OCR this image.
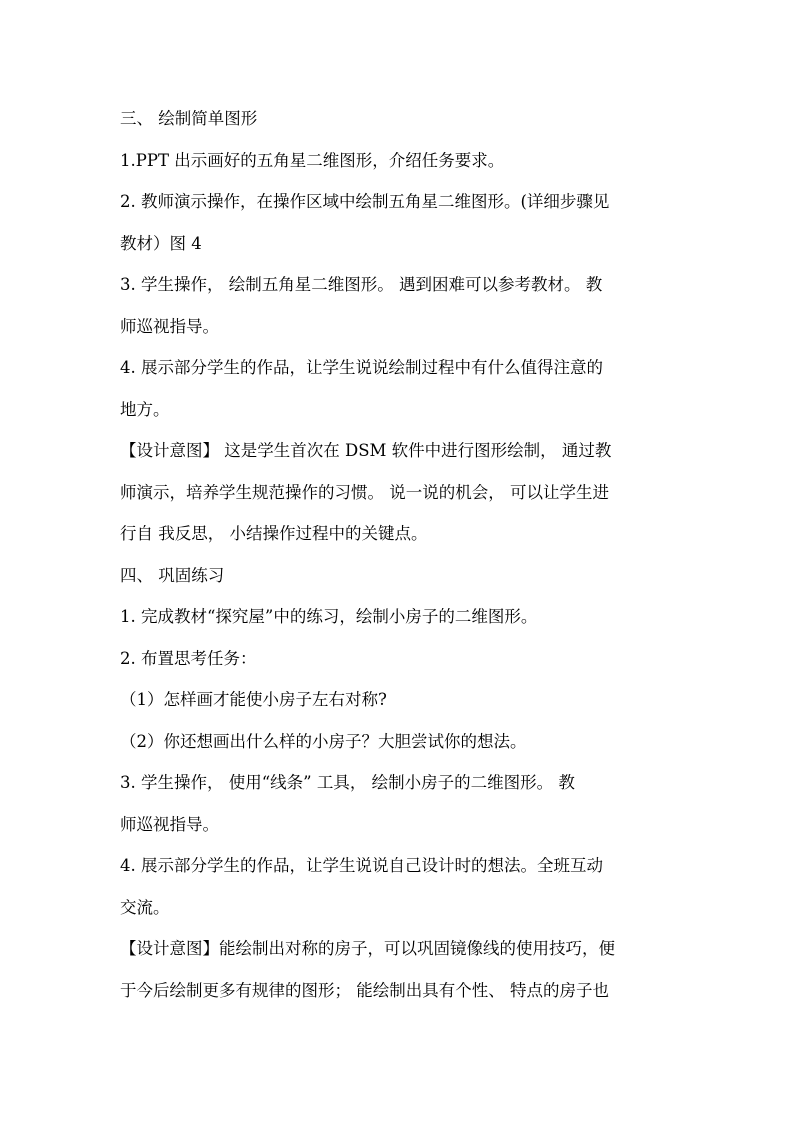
三、 绘制简单图形
1.PPT 出示画好的五角星二维图形，介绍任务要求。
2. 教师演示操作，在操作区域中绘制五角星二维图形。(详细步骤见
教材）图 4
3. 学生操作， 绘制五角星二维图形。 遇到困难可以参考教材。 教
师巡视指导。
4. 展示部分学生的作品，让学生说说绘制过程中有什么值得注意的
地方。
【设计意图】 这是学生首次在 DSM 软件中进行图形绘制， 通过教
师演示，培养学生规范操作的习惯。 说一说的机会， 可以让学生进
行自 我反思， 小结操作过程中的关键点。
四、 巩固练习
1. 完成教材“探究屋”中的练习，绘制小房子的二维图形。
2. 布置思考任务：
（1）怎样画才能使小房子左右对称?
（2）你还想画出什么样的小房子？大胆尝试你的想法。
3. 学生操作， 使用“线条” 工具， 绘制小房子的二维图形。 教
师巡视指导。
4. 展示部分学生的作品，让学生说说自己设计时的想法。全班互动
交流。
【设计意图】能绘制出对称的房子，可以巩固镜像线的使用技巧，便
于今后绘制更多有规律的图形； 能绘制出具有个性、 特点的房子也
